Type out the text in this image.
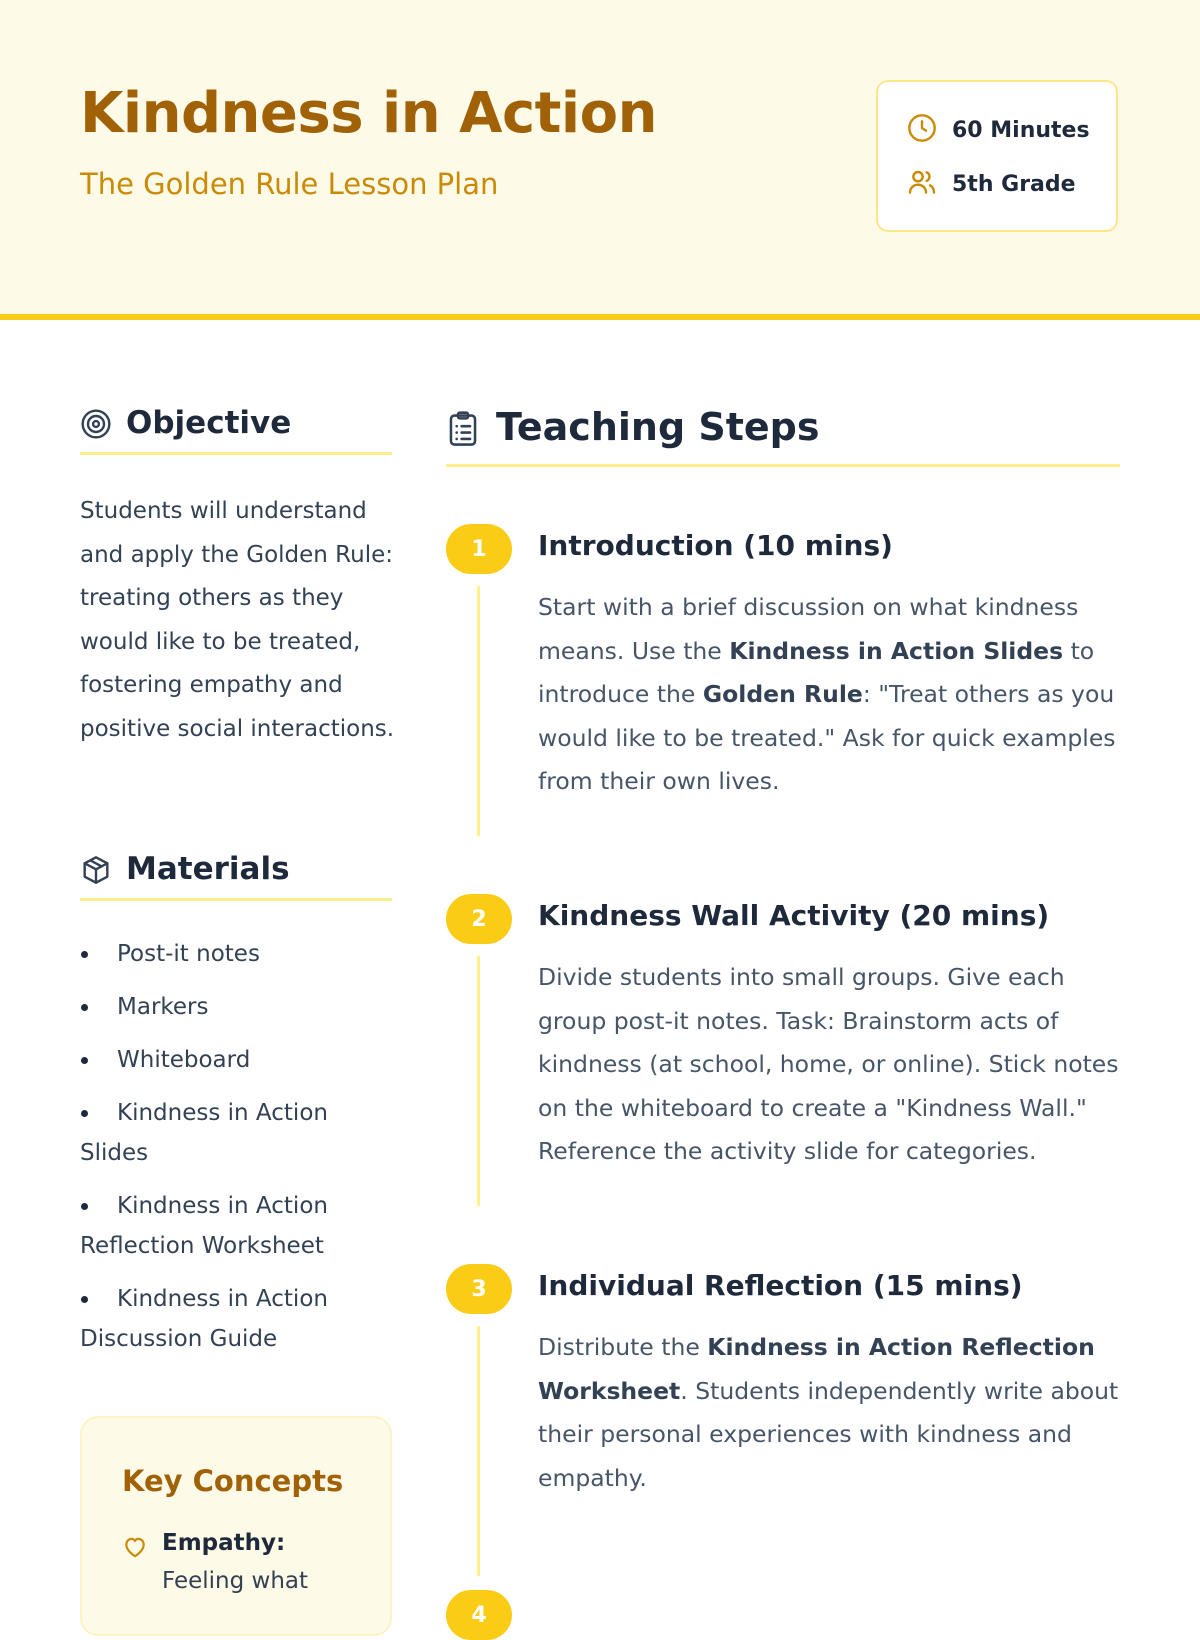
Kindness in Action
The Golden Rule Lesson Plan
60 Minutes
5th Grade
Objective

Students will understand and apply the Golden Rule: treating others as they would like to be treated, fostering empathy and positive social interactions.

Materials
Post-it notes
Markers
Whiteboard
Kindness in Action Slides
Kindness in Action Reflection Worksheet
Kindness in Action Discussion Guide
Key Concepts
Empathy:
Feeling what
Teaching Steps
1	Introduction (10 mins)

Start with a brief discussion on what kindness means. Use the Kindness in Action Slides to introduce the Golden Rule: "Treat others as you would like to be treated." Ask for quick examples from their own lives.

2	Kindness Wall Activity (20 mins)

Divide students into small groups. Give each group post-it notes. Task: Brainstorm acts of kindness (at school, home, or online). Stick notes on the whiteboard to create a "Kindness Wall." Reference the activity slide for categories.

3	Individual Reflection (15 mins)

Distribute the Kindness in Action Reflection Worksheet. Students independently write about their personal experiences with kindness and empathy.

4
